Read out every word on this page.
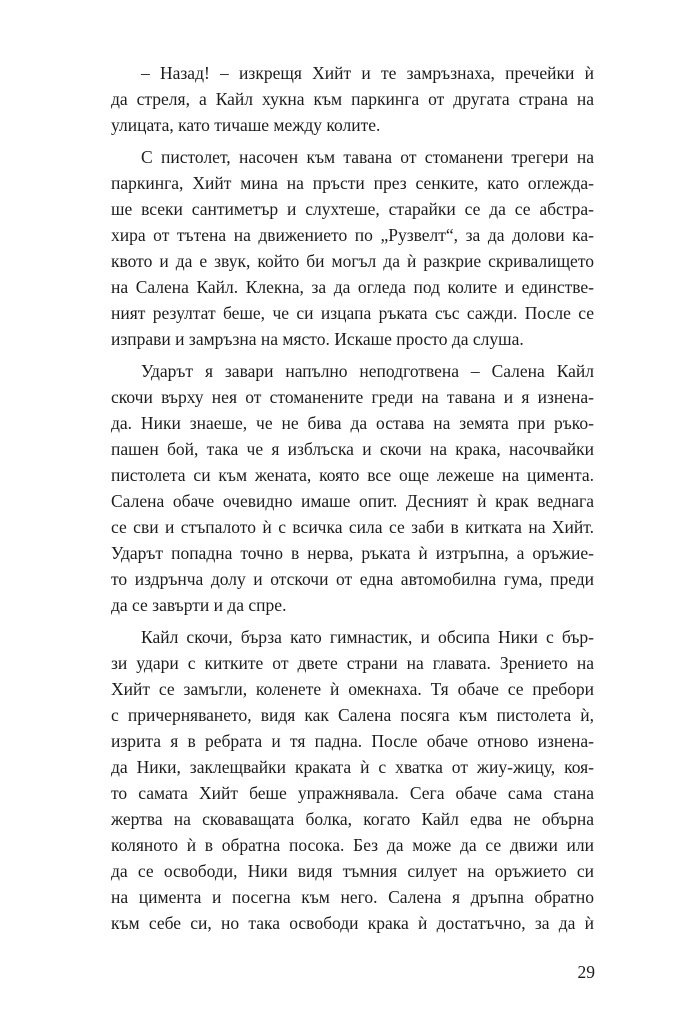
– Назад! – изкрещя Хийт и те замръзнаха, пречейки ѝ
да стреля, а Кайл хукна към паркинга от другата страна на
улицата, като тичаше между колите.
С пистолет, насочен към тавана от стоманени трегери на
паркинга, Хийт мина на пръсти през сенките, като оглежда-
ше всеки сантиметър и слухтеше, старайки се да се абстра-
хира от тътена на движението по „Рузвелт“, за да долови ка-
квото и да е звук, който би могъл да ѝ разкрие скривалището
на Салена Кайл. Клекна, за да огледа под колите и единстве-
ният резултат беше, че си изцапа ръката със сажди. После се
изправи и замръзна на място. Искаше просто да слуша.
Ударът я завари напълно неподготвена – Салена Кайл
скочи върху нея от стоманените греди на тавана и я изнена-
да. Ники знаеше, че не бива да остава на земята при ръко-
пашен бой, така че я изблъска и скочи на крака, насочвайки
пистолета си към жената, която все още лежеше на цимента.
Салена обаче очевидно имаше опит. Десният ѝ крак веднага
се сви и стъпалото ѝ с всичка сила се заби в китката на Хийт.
Ударът попадна точно в нерва, ръката ѝ изтръпна, а оръжие-
то издрънча долу и отскочи от една автомобилна гума, преди
да се завърти и да спре.
Кайл скочи, бърза като гимнастик, и обсипа Ники с бър-
зи удари с китките от двете страни на главата. Зрението на
Хийт се замъгли, коленете ѝ омекнаха. Тя обаче се пребори
с причерняването, видя как Салена посяга към пистолета ѝ,
изрита я в ребрата и тя падна. После обаче отново изнена-
да Ники, заклещвайки краката ѝ с хватка от жиу-жицу, коя-
то самата Хийт беше упражнявала. Сега обаче сама стана
жертва на сковаващата болка, когато Кайл едва не обърна
коляното ѝ в обратна посока. Без да може да се движи или
да се освободи, Ники видя тъмния силует на оръжието си
на цимента и посегна към него. Салена я дръпна обратно
към себе си, но така освободи крака ѝ достатъчно, за да ѝ
29
